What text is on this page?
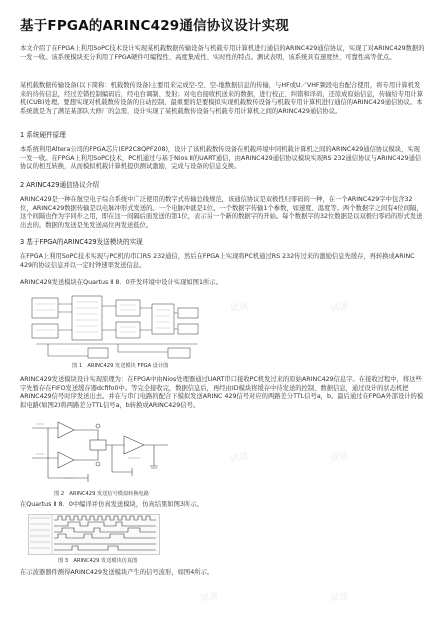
基于FPGA的ARINC429通信协议设计实现

本文介绍了在FPGA上利用SoPC技术设计实现某机载数据传输设备与机载专用计算机进行通信的ARINC429通信协议，实现了对ARINC429数据的一发一收。该系统模块充分利用了FPGA硬件可编程性、高度集成性、实时性的特点。测试表明，该系统具有速度快、可靠性高等优点。

某机载数据传输设备(以下简称：机载数传设备)主要用来完成空-空、空-地数据信息的传输，与HF或U／VHF频段电台配合使用，将专用计算机发来的待传信息，经过差错控制编码后，经电台调制、发射；对电台接收机送来的数据，进行校正、纠错和译码，还原成原始信息，传输给专用计算机(CUB)处理。要想实现对机载数传设备的自动控制，最重要的是要模拟实现机载数传设备与机载专用计算机进行通信的ARINC429通信协议。本系统就是为了满足某部队大修厂的急需，设计实现了某机载数传设备与机载专用计算机之间的ARINC429通信协议。

1 系统硬件原理

本系统利用Altera公司的FPGA芯片(EP2C8QPF208)，设计了该机载数传设备在机载环境中同机载计算机之间的ARINC429通信协议模块，实现一发一收。在FPGA上利用SoPC技术，PC机通过与基于Nios Ⅱ的UART通信，由ARINC429通信协议模块实现RS 232通信协议与ARINC429通信协议的相互转换，从而模拟机载计算机提供测试激励，完成与设备的信息交换。

2 ARINC429通信协议介绍

ARINC429是一种在航空电子综合系统中广泛使用的数字式传输总线规范，该通信协议是双极性归零码的一种，在一个ARINC429字中包含32位，ARINC429数据传输是以电脉冲形式发送的。一个电脉冲就是1位。一个数据字传输1个参数，如速度、温度等。两个数据字之间有4位间隔，这个间隔也作为字同步之用，即在这一间隔后面发送的第1位，表示另一个新的数据字的开始。每个数据字的32位数据是以双极归零码的形式发送出去的。数据的发送是先发送高位再发送低位。

3 基于FPGA的ARINC429发送模块的实现

在FPGA上利用SoPC技术实现与PC机的串口RS 232通信，然后在FPGA上实现将PC机通过RS 232传过来的激励信息先缓存，再转换成ARINC 429的协议信息并以一定时钟速率发送信息。

ARINC429发送模块在Quartus Ⅱ 8．0开发环境中设计实现如图1所示。

图 1　ARINC429 发送模块 FPGA 设计图

ARINC429发送模块设计实现原理为：在FPGA中由Nios处理器通过UART串口接收PC机发过来的原始ARINC429信息字。在接收过程中，将这些字先暂存在FIFO发送缓存器dcfifo0中。等完全接收完，数据信息后，再经由ID模块将缓存中待发送的控制、数据信息，通过设计的状态机把ARINC429信号时序发送出去。并在与串门电路的配合下模拟发送ARINC 429信号对应的两路差分TTL信号a，b。最后通过在FPGA外部设计的模拟电路(如图2)将两路差分TTL信号a，b转换成ARINC429信号。

图 2　ARINC429 发送信号模拟转换电路

在Quartus Ⅱ 8．0中编译并仿真发送模块，仿真结果如图3所示。

图 3　ARINC429 发送模块仿真图

在示波器器件测得ARINC429发送模块产生的信号波形，如图4所示。

试读	试读
试读	试读
试读	试读
